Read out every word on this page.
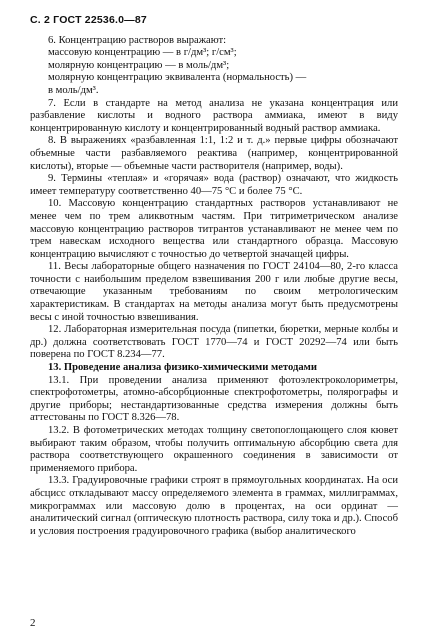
С. 2 ГОСТ 22536.0—87

6. Концентрацию растворов выражают:

массовую концентрацию — в г/дм³; г/см³;

молярную концентрацию — в моль/дм³;

молярную концентрацию эквивалента (нормальность) —

в моль/дм³.

7. Если в стандарте на метод анализа не указана концентрация или разбавление кислоты и водного раствора аммиака, имеют в виду концентрированную кислоту и концентрированный водный раствор аммиака.

8. В выражениях «разбавленная 1:1, 1:2 и т. д.» первые цифры обозначают объемные части разбавляемого реактива (например, концентрированной кислоты), вторые — объемные части растворителя (например, воды).

9. Термины «теплая» и «горячая» вода (раствор) означают, что жидкость имеет температуру соответственно 40—75 °С и более 75 °С.

10. Массовую концентрацию стандартных растворов устанавливают не менее чем по трем аликвотным частям. При титриметрическом анализе массовую концентрацию растворов титрантов устанавливают не менее чем по трем навескам исходного вещества или стандартного образца. Массовую концентрацию вычисляют с точностью до четвертой значащей цифры.

11. Весы лабораторные общего назначения по ГОСТ 24104—80, 2-го класса точности с наибольшим пределом взвешивания 200 г или любые другие весы, отвечающие указанным требованиям по своим метрологическим характеристикам. В стандартах на методы анализа могут быть предусмотрены весы с иной точностью взвешивания.

12. Лабораторная измерительная посуда (пипетки, бюретки, мерные колбы и др.) должна соответствовать ГОСТ 1770—74 и ГОСТ 20292—74 или быть поверена по ГОСТ 8.234—77.

13. Проведение анализа физико-химическими методами

13.1. При проведении анализа применяют фотоэлектроколориметры, спектрофотометры, атомно-абсорбционные спектрофотометры, полярографы и другие приборы; нестандартизованные средства измерения должны быть аттестованы по ГОСТ 8.326—78.

13.2. В фотометрических методах толщину светопоглощающего слоя кювет выбирают таким образом, чтобы получить оптимальную абсорбцию света для раствора соответствующего окрашенного соединения в зависимости от применяемого прибора.

13.3. Градуировочные графики строят в прямоугольных координатах. На оси абсцисс откладывают массу определяемого элемента в граммах, миллиграммах, микрограммах или массовую долю в процентах, на оси ординат — аналитический сигнал (оптическую плотность раствора, силу тока и др.). Способ и условия построения градуировочного графика (выбор аналитического

2
